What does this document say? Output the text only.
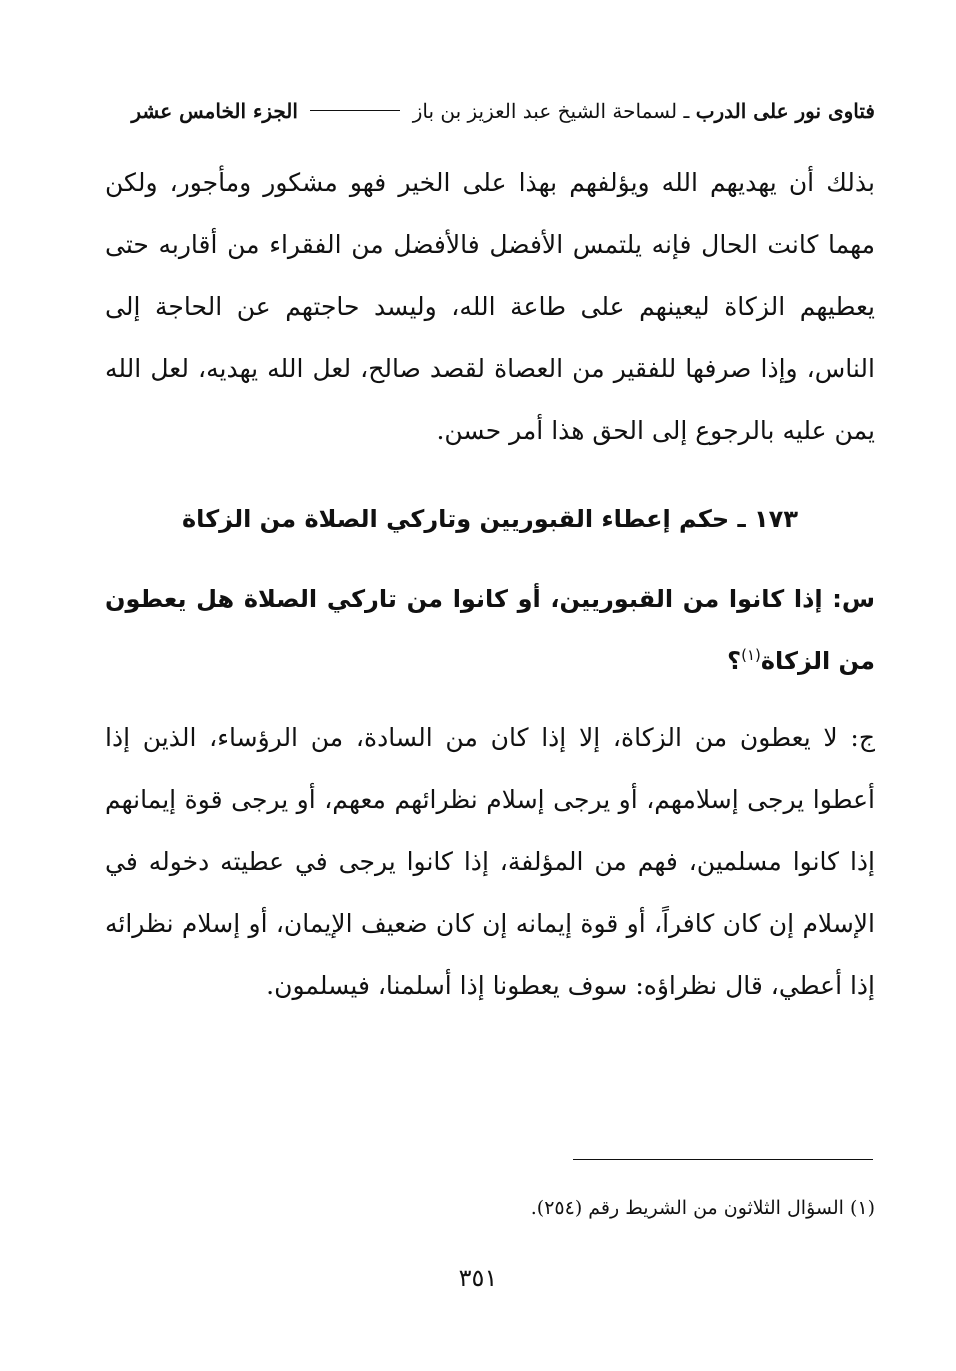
فتاوى نور على الدرب ـ لسماحة الشيخ عبد العزيز بن باز  الجزء الخامس عشر

بذلك أن يهديهم الله ويؤلفهم بهذا على الخير فهو مشكور ومأجور، ولكن مهما كانت الحال فإنه يلتمس الأفضل فالأفضل من الفقراء من أقاربه حتى يعطيهم الزكاة ليعينهم على طاعة الله، وليسد حاجتهم عن الحاجة إلى الناس، وإذا صرفها للفقير من العصاة لقصد صالح، لعل الله يهديه، لعل الله يمن عليه بالرجوع إلى الحق هذا أمر حسن.

١٧٣ ـ حكم إعطاء القبوريين وتاركي الصلاة من الزكاة

س: إذا كانوا من القبوريين، أو كانوا من تاركي الصلاة هل يعطون من الزكاة$^{(١)}$؟

ج: لا يعطون من الزكاة، إلا إذا كان من السادة، من الرؤساء، الذين إذا أعطوا يرجى إسلامهم، أو يرجى إسلام نظرائهم معهم، أو يرجى قوة إيمانهم إذا كانوا مسلمين، فهم من المؤلفة، إذا كانوا يرجى في عطيته دخوله في الإسلام إن كان كافراً، أو قوة إيمانه إن كان ضعيف الإيمان، أو إسلام نظرائه إذا أعطي، قال نظراؤه: سوف يعطونا إذا أسلمنا، فيسلمون.

(١) السؤال الثلاثون من الشريط رقم (٢٥٤).

٣٥١
